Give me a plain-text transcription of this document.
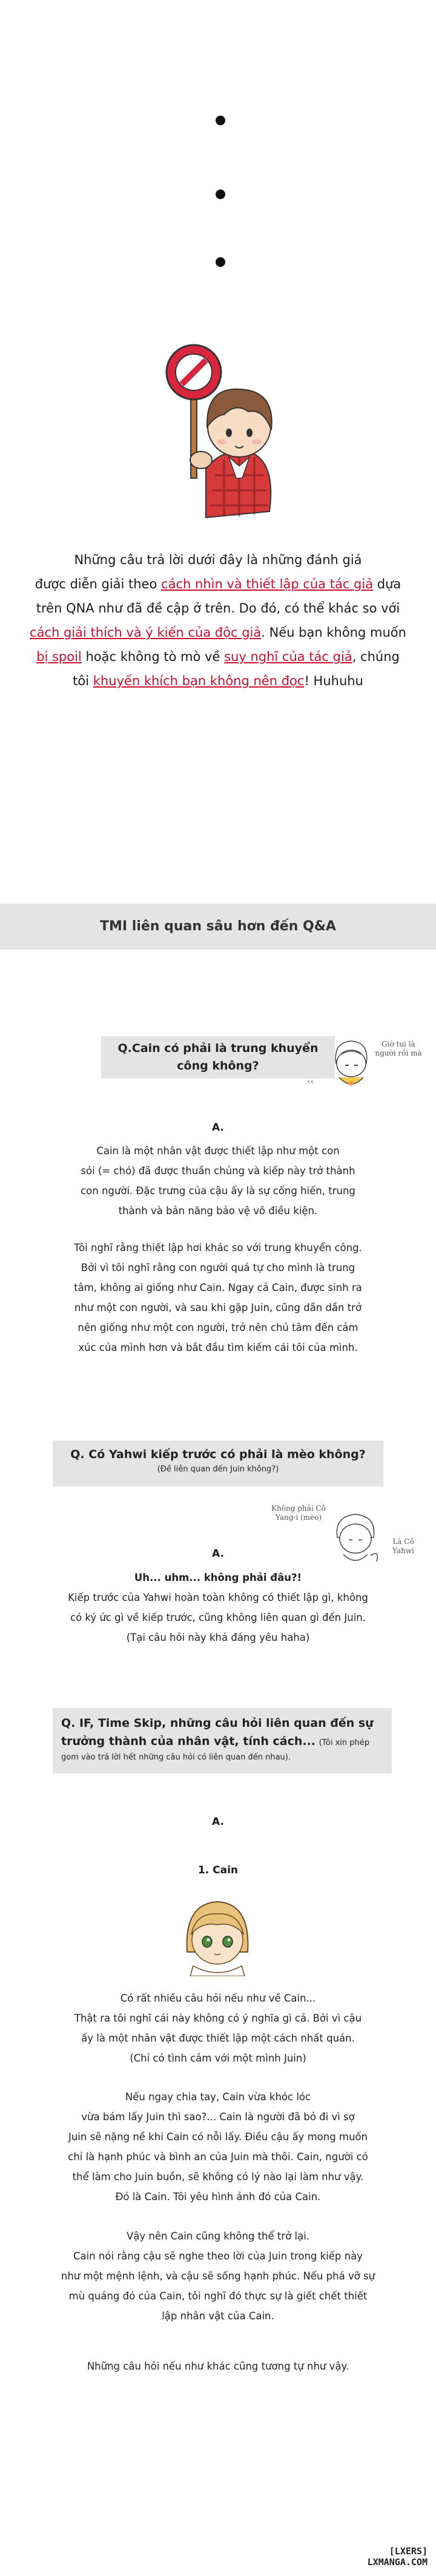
Những câu trả lời dưới đây là những đánh giá
được diễn giải theo cách nhìn và thiết lập của tác giả dựa
trên QNA như đã đề cập ở trên. Do đó, có thể khác so với
cách giải thích và ý kiến của độc giả. Nếu bạn không muốn
bị spoil hoặc không tò mò về suy nghĩ của tác giả, chúng
tôi khuyến khích bạn không nên đọc! Huhuhu
TMI liên quan sâu hơn đến Q&A
Q.Cain có phải là trung khuyển công không?
Giờ tui là người rồi mà
‹‹
A.
Cain là một nhân vật được thiết lập như một con
sói (= chó) đã được thuần chủng và kiếp này trở thành
con người. Đặc trưng của cậu ấy là sự cống hiến, trung
thành và bản năng bảo vệ vô điều kiện.
Tôi nghĩ rằng thiết lập hơi khác so với trung khuyển công.
Bởi vì tôi nghĩ rằng con người quá tự cho mình là trung
tâm, không ai giống như Cain. Ngay cả Cain, được sinh ra
như một con người, và sau khi gặp Juin, cũng dần dần trở
nên giống như một con người, trở nên chủ tâm đến cảm
xúc của mình hơn và bắt đầu tìm kiếm cái tôi của mình.
Q. Có Yahwi kiếp trước có phải là mèo không?
(Đề liên quan đến Juin không?)
Không phải Cô Yang-i (mèo)
Là Cô Yahwi
A.
Uh... uhm... không phải đâu?!
Kiếp trước của Yahwi hoàn toàn không có thiết lập gì, không
có ký ức gì về kiếp trước, cũng không liên quan gì đến Juin.
(Tại câu hỏi này khá đáng yêu haha)
Q. IF, Time Skip, những câu hỏi liên quan đến sự trưởng thành của nhân vật, tính cách... (Tôi xin phép gom vào trả lời hết những câu hỏi có liên quan đến nhau).
A.
1. Cain
Có rất nhiều câu hỏi nếu như về Cain...
Thật ra tôi nghĩ cái này không có ý nghĩa gì cả. Bởi vì cậu
ấy là một nhân vật được thiết lập một cách nhất quán.
(Chỉ có tình cảm với một mình Juin)
Nếu ngay chia tay, Cain vừa khóc lóc
vừa bám lấy Juin thì sao?... Cain là người đã bỏ đi vì sợ
Juin sẽ nặng nề khi Cain có nỗi lấy. Điều cậu ấy mong muốn
chỉ là hạnh phúc và bình an của Juin mà thôi. Cain, người có
thể làm cho Juin buồn, sẽ không có lý nào lại làm như vậy.
Đó là Cain. Tôi yêu hình ảnh đó của Cain.
Vậy nên Cain cũng không thể trở lại.
Cain nói rằng cậu sẽ nghe theo lời của Juin trong kiếp này
như một mệnh lệnh, và cậu sẽ sống hạnh phúc. Nếu phá vỡ sự
mù quáng đó của Cain, tôi nghĩ đó thực sự là giết chết thiết
lập nhân vật của Cain.
Những câu hỏi nếu như khác cũng tương tự như vậy.
[LXERS]
LXMANGA.COM
